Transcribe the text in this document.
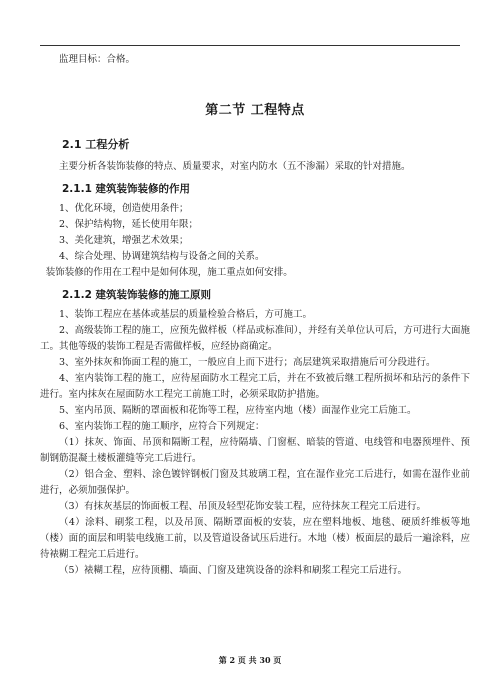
监理目标：合格。

第二节 工程特点
2.1 工程分析

主要分析各装饰装修的特点、质量要求，对室内防水（五不渗漏）采取的针对措施。

2.1.1 建筑装饰装修的作用

1、优化环境，创造使用条件；

2、保护结构物，延长使用年限；

3、美化建筑，增强艺术效果；

4、综合处理、协调建筑结构与设备之间的关系。

装饰装修的作用在工程中是如何体现，施工重点如何安排。

2.1.2 建筑装饰装修的施工原则

1、装饰工程应在基体或基层的质量检验合格后，方可施工。

2、高级装饰工程的施工，应预先做样板（样品或标准间），并经有关单位认可后，方可进行大面施工。其他等级的装饰工程是否需做样板，应经协商确定。

3、室外抹灰和饰面工程的施工，一般应自上而下进行；高层建筑采取措施后可分段进行。

4、室内装饰工程的施工，应待屋面防水工程完工后，并在不致被后继工程所损坏和玷污的条件下进行。室内抹灰在屋面防水工程完工前施工时，必须采取防护措施。

5、室内吊顶、隔断的罩面板和花饰等工程，应待室内地（楼）面湿作业完工后施工。

6、室内装饰工程的施工顺序，应符合下列规定：

（1）抹灰、饰面、吊顶和隔断工程，应待隔墙、门窗框、暗装的管道、电线管和电器预埋件、预制钢筋混凝土楼板灌缝等完工后进行。

（2）铝合金、塑料、涂色镀锌钢板门窗及其玻璃工程，宜在湿作业完工后进行，如需在湿作业前进行，必须加强保护。

（3）有抹灰基层的饰面板工程、吊顶及轻型花饰安装工程，应待抹灰工程完工后进行。

（4）涂料、刷浆工程，以及吊顶、隔断罩面板的安装，应在塑料地板、地毯、硬质纤维板等地（楼）面的面层和明装电线施工前，以及管道设备试压后进行。木地（楼）板面层的最后一遍涂料，应待裱糊工程完工后进行。

（5）裱糊工程，应待顶棚、墙面、门窗及建筑设备的涂料和刷浆工程完工后进行。

第 2 页 共 30 页
